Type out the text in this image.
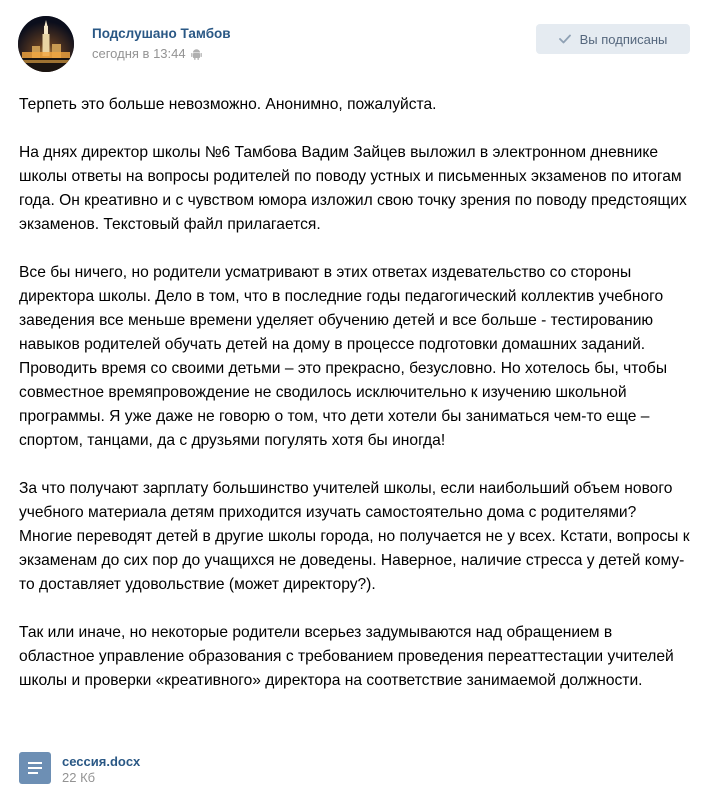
Подслушано Тамбов
сегодня в 13:44
Вы подписаны

Терпеть это больше невозможно. Анонимно, пожалуйста.

На днях директор школы №6 Тамбова Вадим Зайцев выложил в электронном дневнике школы ответы на вопросы родителей по поводу устных и письменных экзаменов по итогам года. Он креативно и с чувством юмора изложил свою точку зрения по поводу предстоящих экзаменов. Текстовый файл прилагается.

Все бы ничего, но родители усматривают в этих ответах издевательство со стороны директора школы. Дело в том, что в последние годы педагогический коллектив учебного заведения все меньше времени уделяет обучению детей и все больше - тестированию навыков родителей обучать детей на дому в процессе подготовки домашних заданий. Проводить время со своими детьми – это прекрасно, безусловно. Но хотелось бы, чтобы совместное времяпровождение не сводилось исключительно к изучению школьной программы. Я уже даже не говорю о том, что дети хотели бы заниматься чем-то еще – спортом, танцами, да с друзьями погулять хотя бы иногда!

За что получают зарплату большинство учителей школы, если наибольший объем нового учебного материала детям приходится изучать самостоятельно дома с родителями? Многие переводят детей в другие школы города, но получается не у всех. Кстати, вопросы к экзаменам до сих пор до учащихся не доведены. Наверное, наличие стресса у детей кому-то доставляет удовольствие (может директору?).

Так или иначе, но некоторые родители всерьез задумываются над обращением в областное управление образования с требованием проведения переаттестации учителей школы и проверки «креативного» директора на соответствие занимаемой должности.

сессия.docx
22 Кб
